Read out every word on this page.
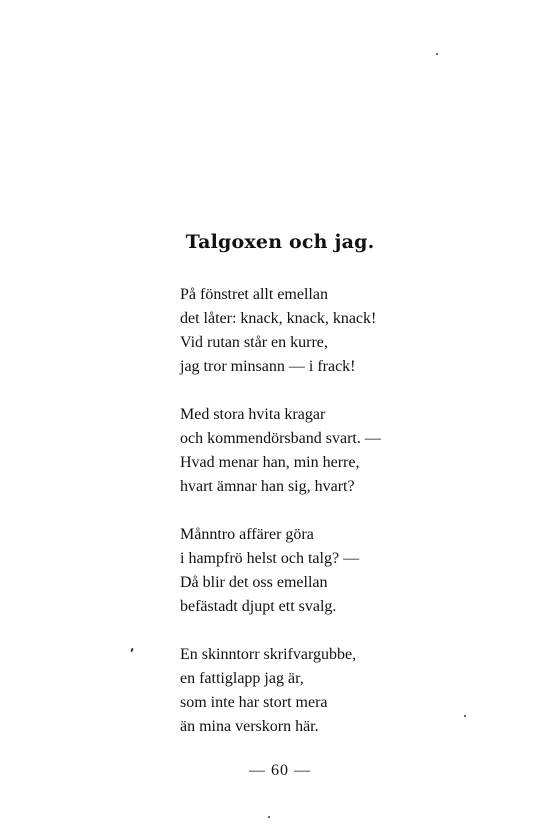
Talgoxen och jag.
På fönstret allt emellan
det låter: knack, knack, knack!
Vid rutan står en kurre,
jag tror minsann — i frack!
Med stora hvita kragar
och kommendörsband svart. —
Hvad menar han, min herre,
hvart ämnar han sig, hvart?
Månntro affärer göra
i hampfrö helst och talg? —
Då blir det oss emellan
befästadt djupt ett svalg.
En skinntorr skrifvargubbe,
en fattiglapp jag är,
som inte har stort mera
än mina verskorn här.
— 60 —
